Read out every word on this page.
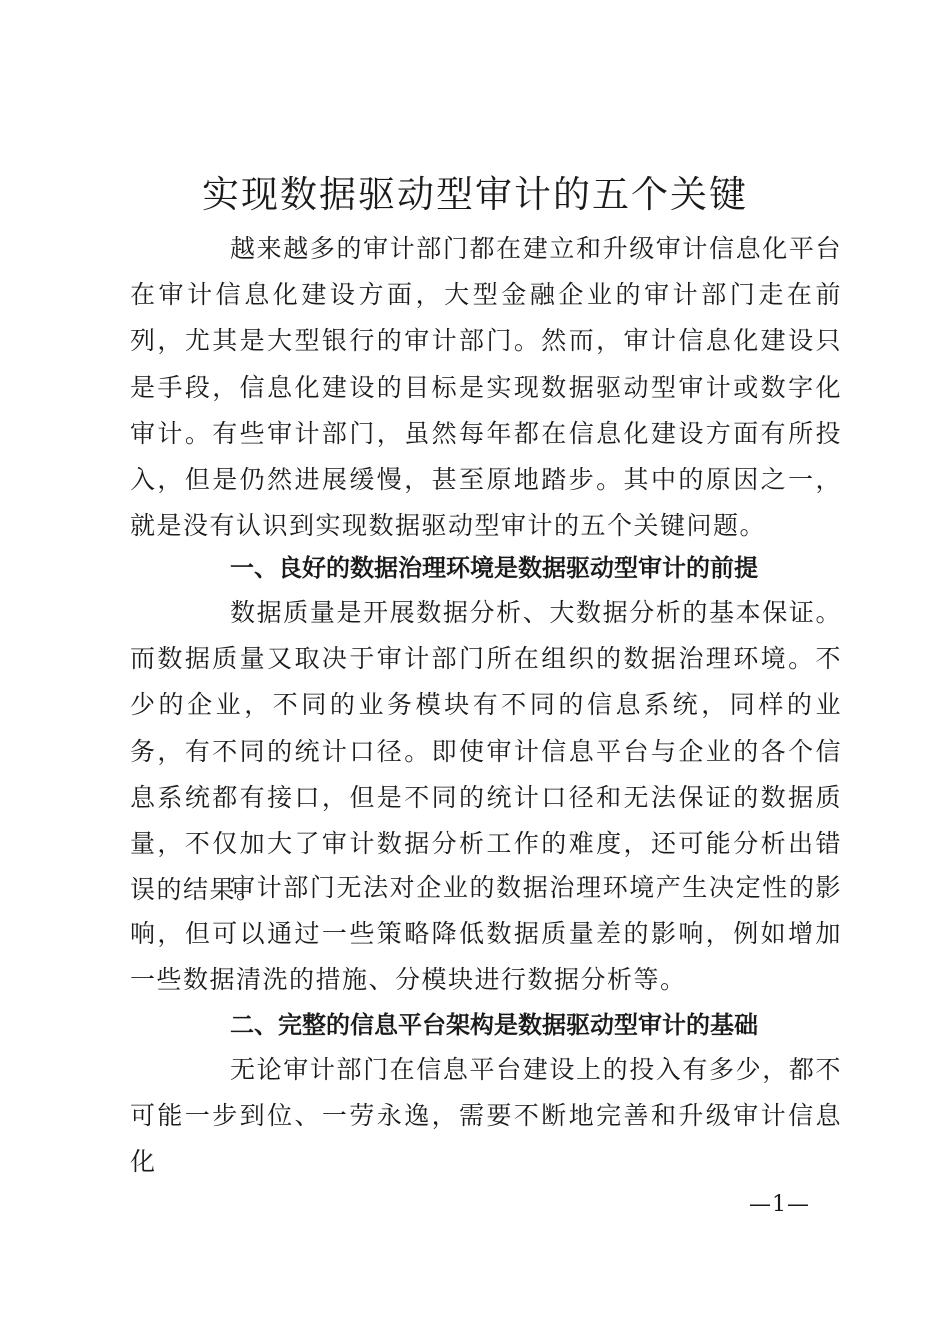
实现数据驱动型审计的五个关键

越来越多的审计部门都在建立和升级审计信息化平台在审计信息化建设方面，大型金融企业的审计部门走在前列，尤其是大型银行的审计部门。然而，审计信息化建设只是手段，信息化建设的目标是实现数据驱动型审计或数字化审计。有些审计部门，虽然每年都在信息化建设方面有所投入，但是仍然进展缓慢，甚至原地踏步。其中的原因之一，就是没有认识到实现数据驱动型审计的五个关键问题。

一、良好的数据治理环境是数据驱动型审计的前提

数据质量是开展数据分析、大数据分析的基本保证。而数据质量又取决于审计部门所在组织的数据治理环境。不少的企业，不同的业务模块有不同的信息系统，同样的业务，有不同的统计口径。即使审计信息平台与企业的各个信息系统都有接口，但是不同的统计口径和无法保证的数据质量，不仅加大了审计数据分析工作的难度，还可能分析出错误的结果。

审计部门无法对企业的数据治理环境产生决定性的影响，但可以通过一些策略降低数据质量差的影响，例如增加一些数据清洗的措施、分模块进行数据分析等。

二、完整的信息平台架构是数据驱动型审计的基础

无论审计部门在信息平台建设上的投入有多少，都不可能一步到位、一劳永逸，需要不断地完善和升级审计信息化

—1—
